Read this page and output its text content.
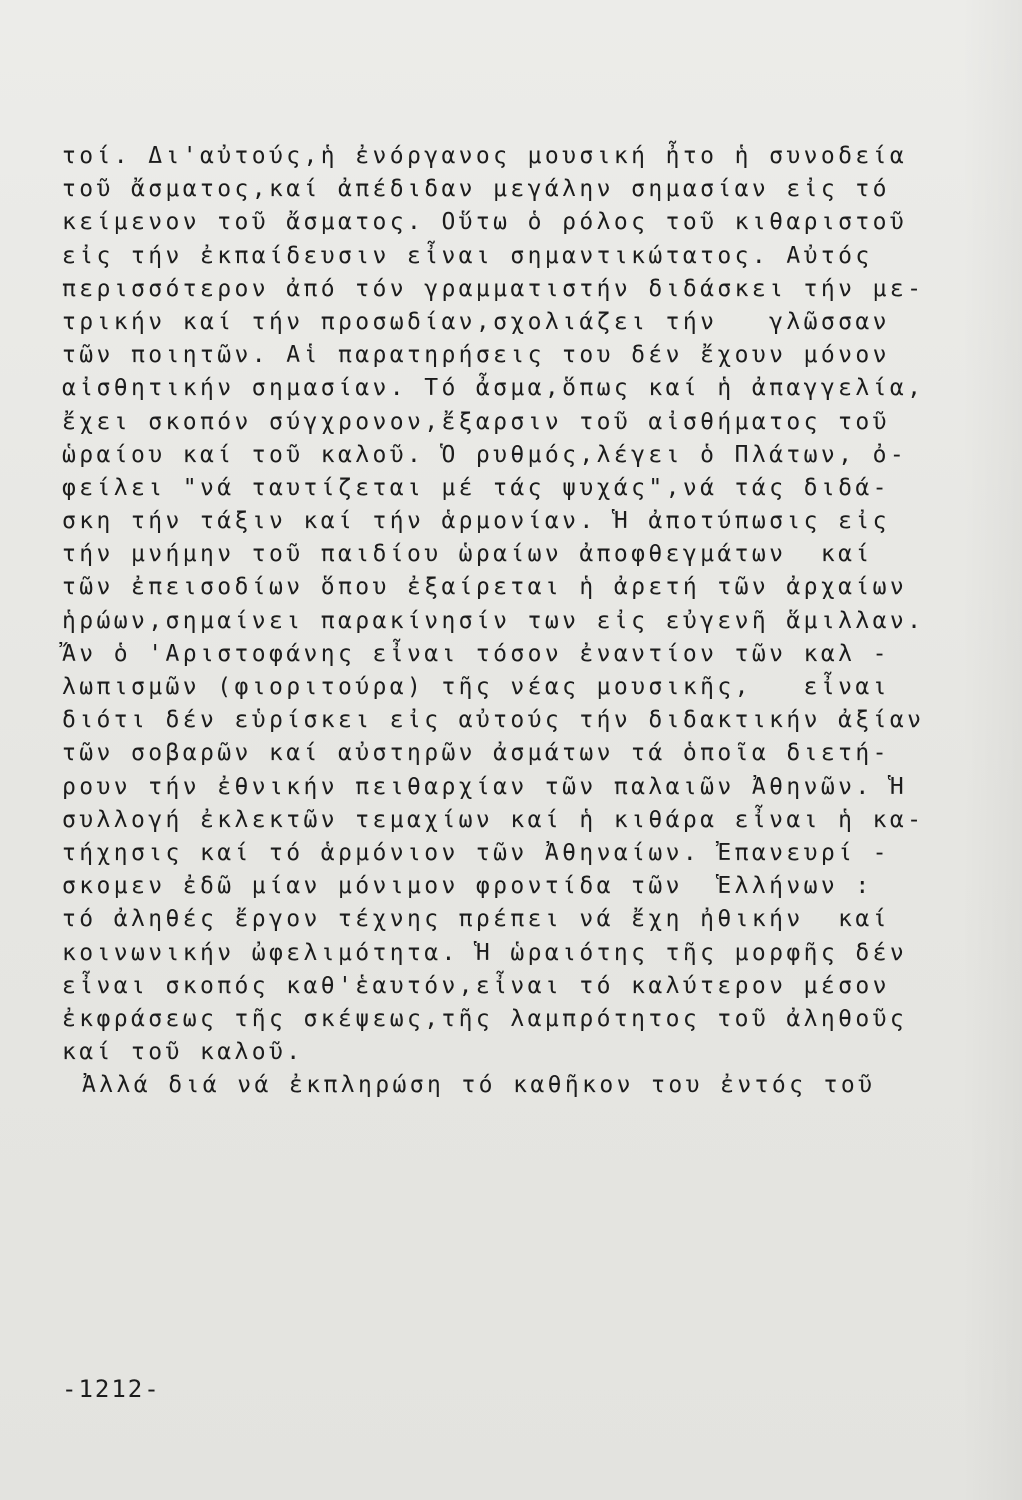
τοί. Δι'αὐτούς,ἡ ἐνόργανος μουσική ἦτο ἡ συνοδεία
τοῦ ἄσματος,καί ἀπέδιδαν μεγάλην σημασίαν εἰς τό
κείμενον τοῦ ἄσματος. Οὕτω ὁ ρόλος τοῦ κιθαριστοῦ
εἰς τήν ἐκπαίδευσιν εἶναι σημαντικώτατος. Αὐτός
περισσότερον ἀπό τόν γραμματιστήν διδάσκει τήν με-
τρικήν καί τήν προσωδίαν,σχολιάζει τήν   γλῶσσαν
τῶν ποιητῶν. Αἱ παρατηρήσεις του δέν ἔχουν μόνον
αἰσθητικήν σημασίαν. Τό ἆσμα,ὅπως καί ἡ ἀπαγγελία,
ἔχει σκοπόν σύγχρονον,ἔξαρσιν τοῦ αἰσθήματος τοῦ
ὡραίου καί τοῦ καλοῦ. Ὁ ρυθμός,λέγει ὁ Πλάτων, ὀ-
φείλει "νά ταυτίζεται μέ τάς ψυχάς",νά τάς διδά-
σκη τήν τάξιν καί τήν ἁρμονίαν. Ἡ ἀποτύπωσις εἰς
τήν μνήμην τοῦ παιδίου ὡραίων ἀποφθεγμάτων  καί
τῶν ἐπεισοδίων ὅπου ἐξαίρεται ἡ ἀρετή τῶν ἀρχαίων
ἡρώων,σημαίνει παρακίνησίν των εἰς εὐγενῆ ἅμιλλαν.
Ἄν ὁ 'Αριστοφάνης εἶναι τόσον ἐναντίον τῶν καλ -
λωπισμῶν (φιοριτούρα) τῆς νέας μουσικῆς,   εἶναι
διότι δέν εὑρίσκει εἰς αὐτούς τήν διδακτικήν ἀξίαν
τῶν σοβαρῶν καί αὐστηρῶν ἀσμάτων τά ὁποῖα διετή-
ρουν τήν ἐθνικήν πειθαρχίαν τῶν παλαιῶν Ἀθηνῶν. Ἡ
συλλογή ἐκλεκτῶν τεμαχίων καί ἡ κιθάρα εἶναι ἡ κα-
τήχησις καί τό ἁρμόνιον τῶν Ἀθηναίων. Ἐπανευρί -
σκομεν ἐδῶ μίαν μόνιμον φροντίδα τῶν  Ἑλλήνων :
τό ἀληθές ἔργον τέχνης πρέπει νά ἔχη ἠθικήν  καί
κοινωνικήν ὠφελιμότητα. Ἡ ὡραιότης τῆς μορφῆς δέν
εἶναι σκοπός καθ'ἑαυτόν,εἶναι τό καλύτερον μέσον
ἐκφράσεως τῆς σκέψεως,τῆς λαμπρότητος τοῦ ἀληθοῦς
καί τοῦ καλοῦ.
Ἀλλά διά νά ἐκπληρώση τό καθῆκον του ἐντός τοῦ
-1212-
